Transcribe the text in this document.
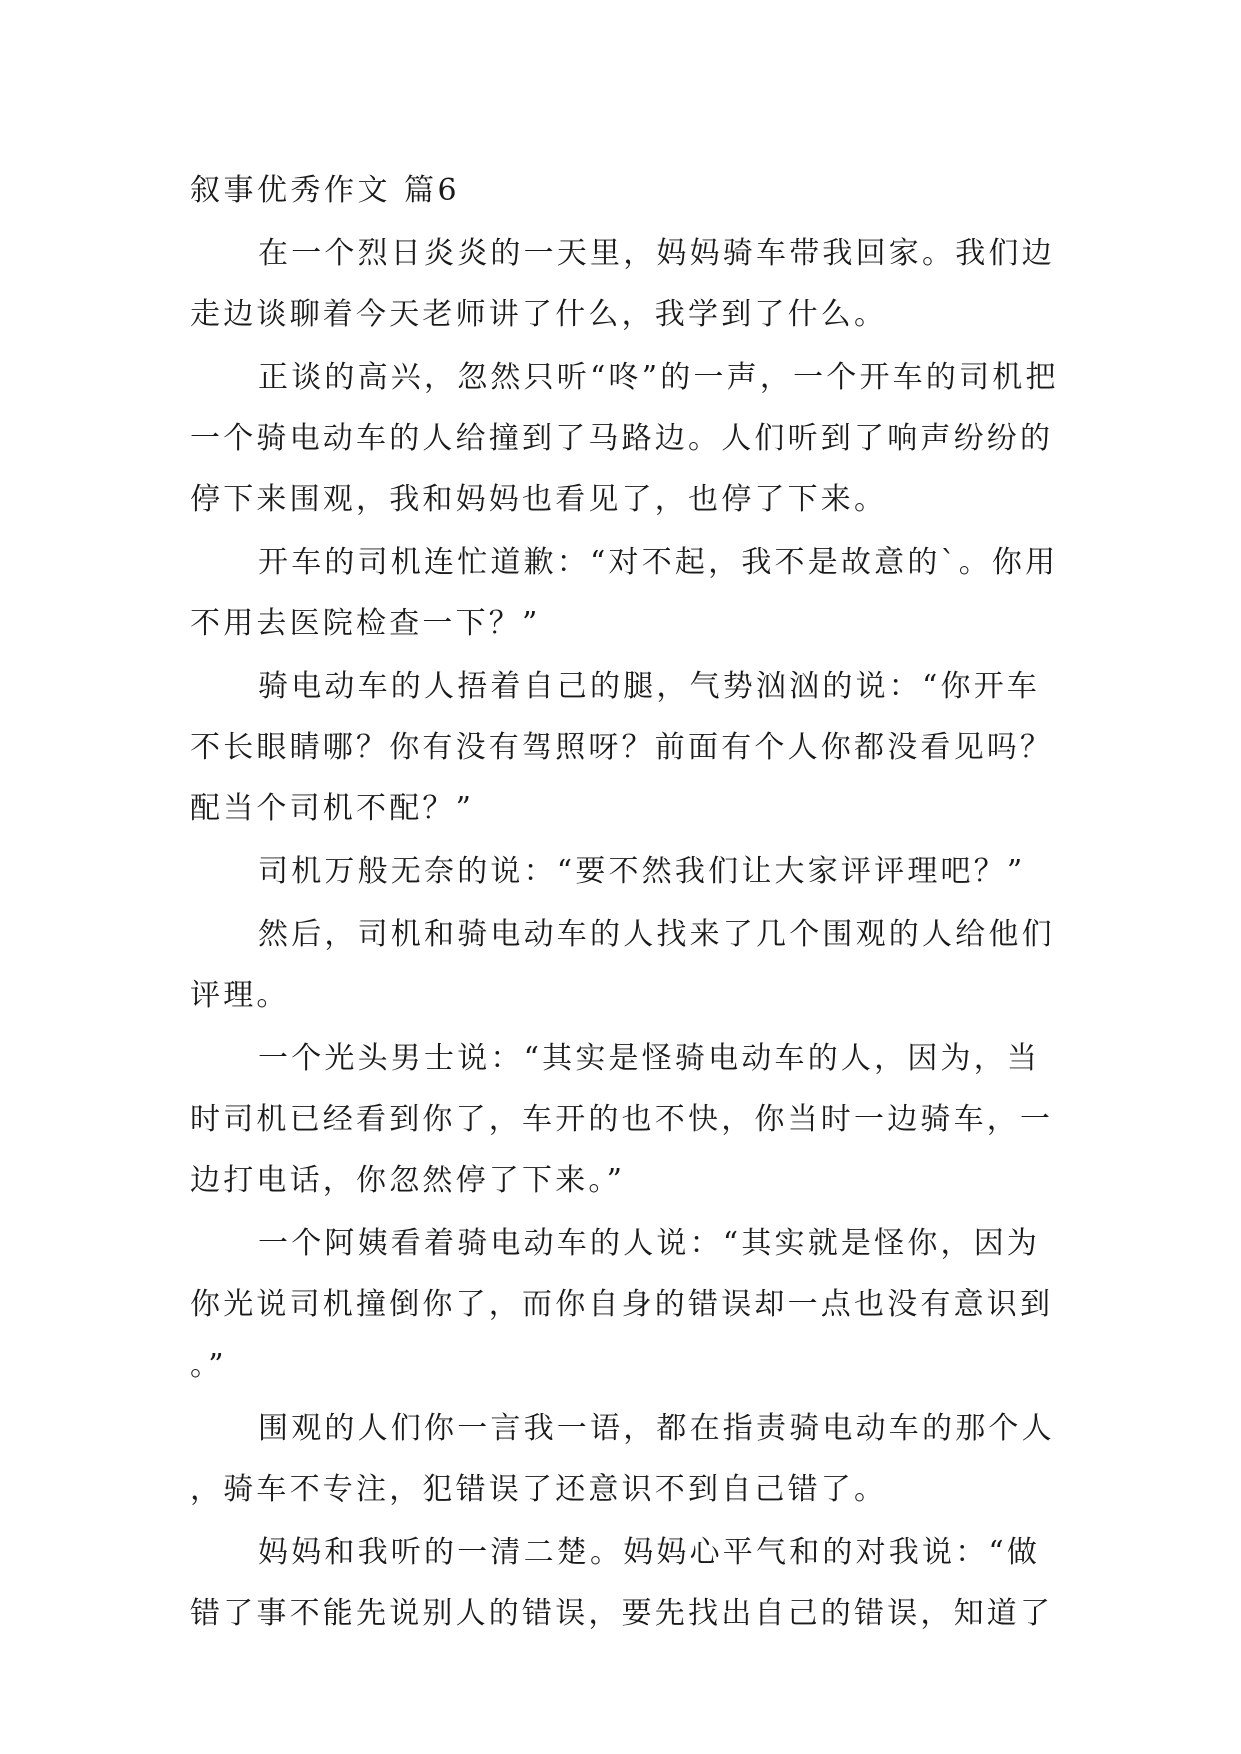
叙事优秀作文 篇6

在一个烈日炎炎的一天里，妈妈骑车带我回家。我们边走边谈聊着今天老师讲了什么，我学到了什么。

正谈的高兴，忽然只听“咚”的一声，一个开车的司机把一个骑电动车的人给撞到了马路边。人们听到了响声纷纷的停下来围观，我和妈妈也看见了，也停了下来。

开车的司机连忙道歉：“对不起，我不是故意的`。你用不用去医院检查一下？”

骑电动车的人捂着自己的腿，气势汹汹的说：“你开车不长眼睛哪？你有没有驾照呀？前面有个人你都没看见吗？配当个司机不配？”

司机万般无奈的说：“要不然我们让大家评评理吧？”

然后，司机和骑电动车的人找来了几个围观的人给他们评理。

一个光头男士说：“其实是怪骑电动车的人，因为，当时司机已经看到你了，车开的也不快，你当时一边骑车，一边打电话，你忽然停了下来。”

一个阿姨看着骑电动车的人说：“其实就是怪你，因为你光说司机撞倒你了，而你自身的错误却一点也没有意识到。”

围观的人们你一言我一语，都在指责骑电动车的那个人，骑车不专注，犯错误了还意识不到自己错了。

妈妈和我听的一清二楚。妈妈心平气和的对我说：“做错了事不能先说别人的错误，要先找出自己的错误，知道了
